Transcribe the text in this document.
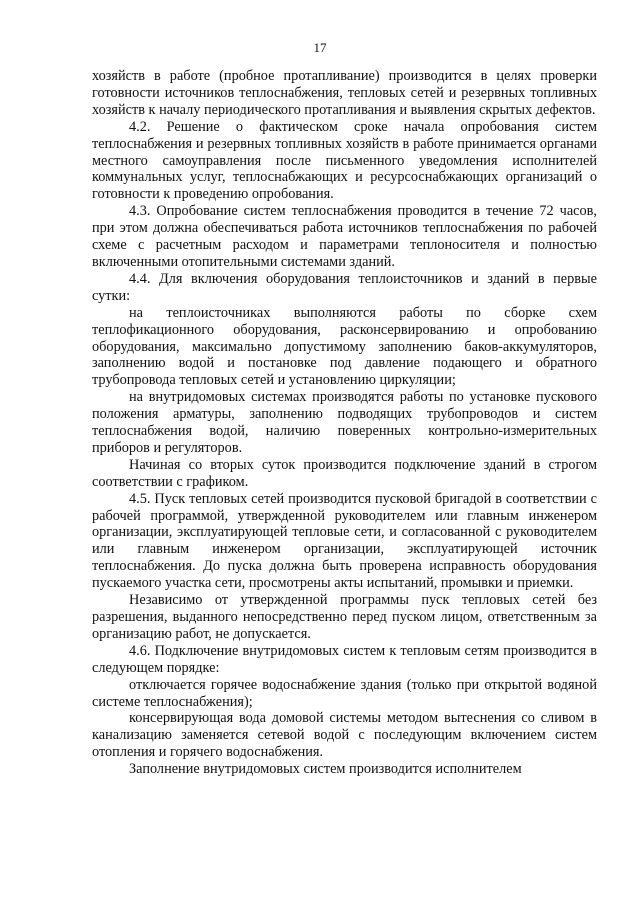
17

хозяйств в работе (пробное протапливание) производится в целях проверки готовности источников теплоснабжения, тепловых сетей и резервных топливных хозяйств к началу периодического протапливания и выявления скрытых дефектов.

4.2. Решение о фактическом сроке начала опробования систем теплоснабжения и резервных топливных хозяйств в работе принимается органами местного самоуправления после письменного уведомления исполнителей коммунальных услуг, теплоснабжающих и ресурсоснабжающих организаций о готовности к проведению опробования.

4.3. Опробование систем теплоснабжения проводится в течение 72 часов, при этом должна обеспечиваться работа источников теплоснабжения по рабочей схеме с расчетным расходом и параметрами теплоносителя и полностью включенными отопительными системами зданий.

4.4. Для включения оборудования теплоисточников и зданий в первые сутки:

на теплоисточниках выполняются работы по сборке схем теплофикационного оборудования, расконсервированию и опробованию оборудования, максимально допустимому заполнению баков-аккумуляторов, заполнению водой и постановке под давление подающего и обратного трубопровода тепловых сетей и установлению циркуляции;

на внутридомовых системах производятся работы по установке пускового положения арматуры, заполнению подводящих трубопроводов и систем теплоснабжения водой, наличию поверенных контрольно-измерительных приборов и регуляторов.

Начиная со вторых суток производится подключение зданий в строгом соответствии с графиком.

4.5. Пуск тепловых сетей производится пусковой бригадой в соответствии с рабочей программой, утвержденной руководителем или главным инженером организации, эксплуатирующей тепловые сети, и согласованной с руководителем или главным инженером организации, эксплуатирующей источник теплоснабжения. До пуска должна быть проверена исправность оборудования пускаемого участка сети, просмотрены акты испытаний, промывки и приемки.

Независимо от утвержденной программы пуск тепловых сетей без разрешения, выданного непосредственно перед пуском лицом, ответственным за организацию работ, не допускается.

4.6. Подключение внутридомовых систем к тепловым сетям производится в следующем порядке:

отключается горячее водоснабжение здания (только при открытой водяной системе теплоснабжения);

консервирующая вода домовой системы методом вытеснения со сливом в канализацию заменяется сетевой водой с последующим включением систем отопления и горячего водоснабжения.

Заполнение внутридомовых систем производится исполнителем
